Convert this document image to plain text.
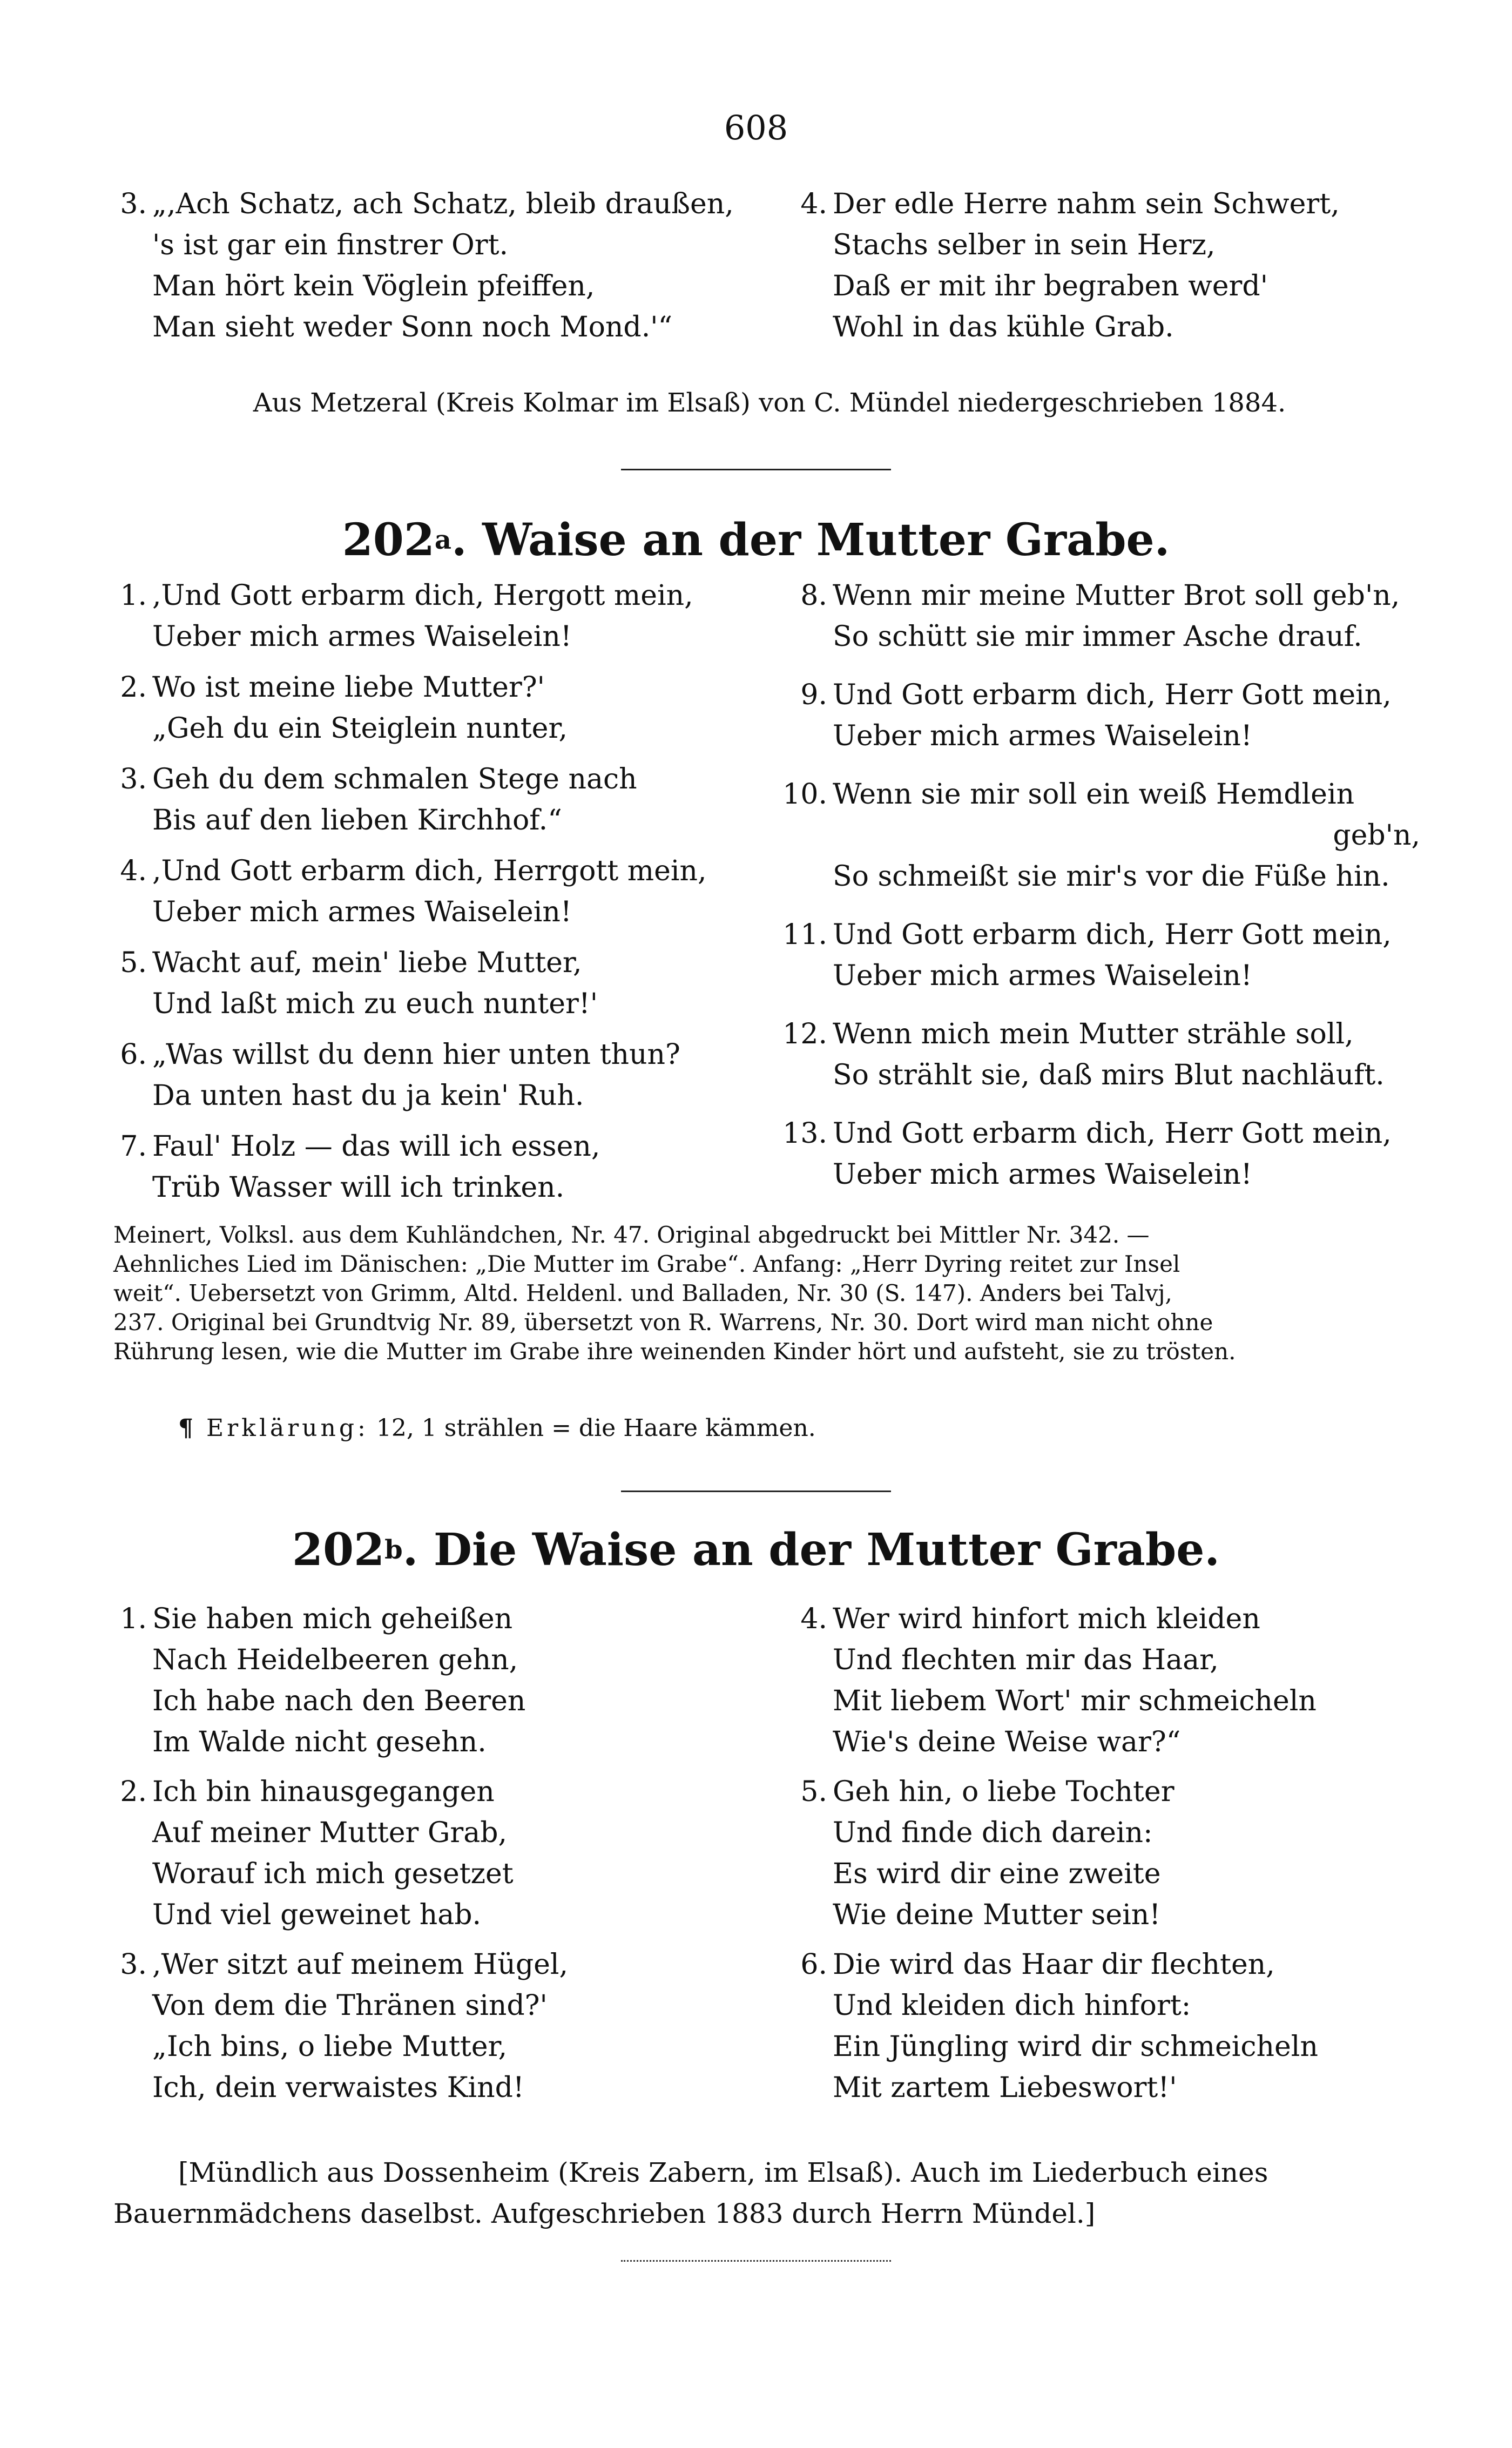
608
3. „,Ach Schatz, ach Schatz, bleib draußen,
's ist gar ein finstrer Ort.
Man hört kein Vöglein pfeiffen,
Man sieht weder Sonn noch Mond.'“
4. Der edle Herre nahm sein Schwert,
Stachs selber in sein Herz,
Daß er mit ihr begraben werd'
Wohl in das kühle Grab.
Aus Metzeral (Kreis Kolmar im Elsaß) von C. Mündel niedergeschrieben 1884.
202$^a$. Waise an der Mutter Grabe.
1. ,Und Gott erbarm dich, Hergott mein,
Ueber mich armes Waiselein!
2. Wo ist meine liebe Mutter?'
„Geh du ein Steiglein nunter,
3. Geh du dem schmalen Stege nach
Bis auf den lieben Kirchhof.“
4. ,Und Gott erbarm dich, Herrgott mein,
Ueber mich armes Waiselein!
5. Wacht auf, mein' liebe Mutter,
Und laßt mich zu euch nunter!'
6. „Was willst du denn hier unten thun?
Da unten hast du ja kein' Ruh.
7. Faul' Holz — das will ich essen,
Trüb Wasser will ich trinken.
8. Wenn mir meine Mutter Brot soll geb'n,
So schütt sie mir immer Asche drauf.
9. Und Gott erbarm dich, Herr Gott mein,
Ueber mich armes Waiselein!
10. Wenn sie mir soll ein weiß Hemdlein
geb'n,
So schmeißt sie mir's vor die Füße hin.
11. Und Gott erbarm dich, Herr Gott mein,
Ueber mich armes Waiselein!
12. Wenn mich mein Mutter strähle soll,
So strählt sie, daß mirs Blut nachläuft.
13. Und Gott erbarm dich, Herr Gott mein,
Ueber mich armes Waiselein!

Meinert, Volksl. aus dem Kuhländchen, Nr. 47. Original abgedruckt bei Mittler Nr. 342. —

Aehnliches Lied im Dänischen: „Die Mutter im Grabe“. Anfang: „Herr Dyring reitet zur Insel

weit“. Uebersetzt von Grimm, Altd. Heldenl. und Balladen, Nr. 30 (S. 147). Anders bei Talvj,

237. Original bei Grundtvig Nr. 89, übersetzt von R. Warrens, Nr. 30. Dort wird man nicht ohne

Rührung lesen, wie die Mutter im Grabe ihre weinenden Kinder hört und aufsteht, sie zu trösten.

¶ Erklärung: 12, 1 strählen = die Haare kämmen.
202$^b$. Die Waise an der Mutter Grabe.
1. Sie haben mich geheißen
Nach Heidelbeeren gehn,
Ich habe nach den Beeren
Im Walde nicht gesehn.
2. Ich bin hinausgegangen
Auf meiner Mutter Grab,
Worauf ich mich gesetzet
Und viel geweinet hab.
3. ,Wer sitzt auf meinem Hügel,
Von dem die Thränen sind?'
„Ich bins, o liebe Mutter,
Ich, dein verwaistes Kind!
4. Wer wird hinfort mich kleiden
Und flechten mir das Haar,
Mit liebem Wort' mir schmeicheln
Wie's deine Weise war?“
5. Geh hin, o liebe Tochter
Und finde dich darein:
Es wird dir eine zweite
Wie deine Mutter sein!
6. Die wird das Haar dir flechten,
Und kleiden dich hinfort:
Ein Jüngling wird dir schmeicheln
Mit zartem Liebeswort!'

[Mündlich aus Dossenheim (Kreis Zabern, im Elsaß). Auch im Liederbuch eines

Bauernmädchens daselbst. Aufgeschrieben 1883 durch Herrn Mündel.]
